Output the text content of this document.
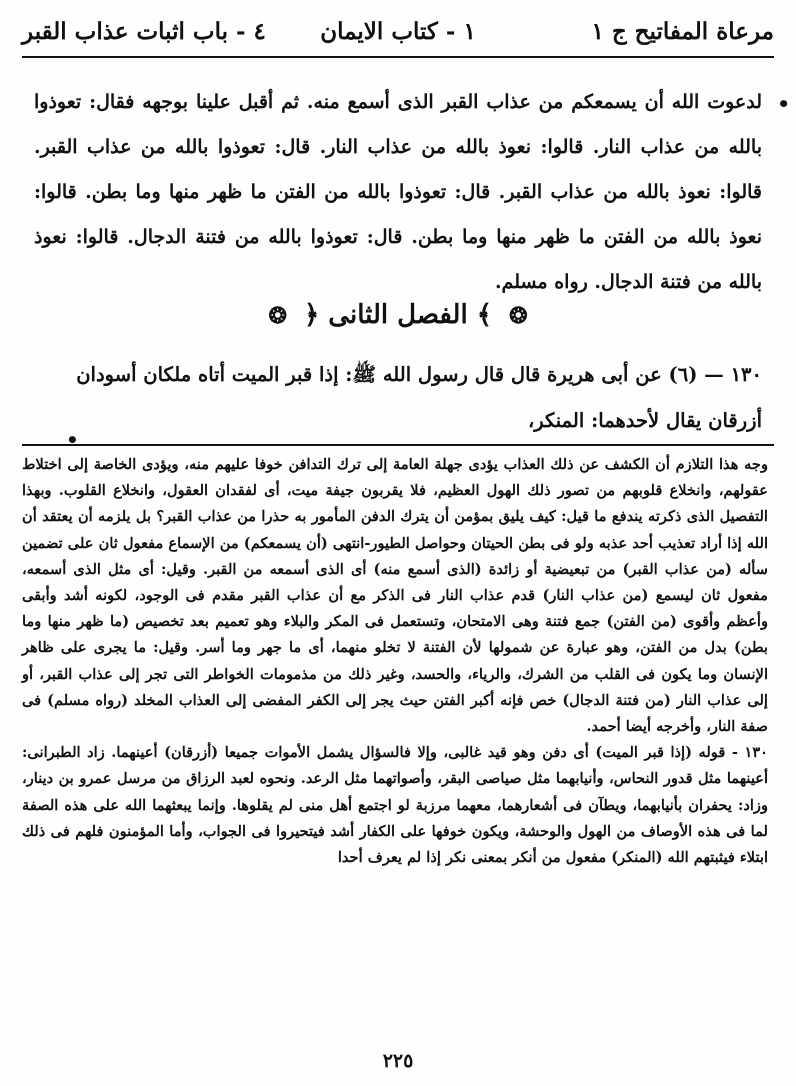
مرعاة المفاتيح ج ١
١ - كتاب الايمان
٤ - باب اثبات عذاب القبر
•
لدعوت الله أن يسمعكم من عذاب القبر الذى أسمع منه. ثم أقبل علينا بوجهه فقال: تعوذوا بالله من عذاب النار. قالوا: نعوذ بالله من عذاب النار. قال: تعوذوا بالله من عذاب القبر. قالوا: نعوذ بالله من عذاب القبر. قال: تعوذوا بالله من الفتن ما ظهر منها وما بطن. قالوا: نعوذ بالله من الفتن ما ظهر منها وما بطن. قال: تعوذوا بالله من فتنة الدجال. قالوا: نعوذ بالله من فتنة الدجال. رواه مسلم.
❂ ﴾ الفصل الثانى ﴿ ❂
١٣٠ — (٦) عن أبى هريرة قال قال رسول الله ﷺ: إذا قبر الميت أتاه ملكان أسودان أزرقان يقال لأحدهما: المنكر،
•

وجه هذا التلازم أن الكشف عن ذلك العذاب يؤدى جهلة العامة إلى ترك التدافن خوفا عليهم منه، ويؤدى الخاصة إلى اختلاط عقولهم، وانخلاع قلوبهم من تصور ذلك الهول العظيم، فلا يقربون جيفة ميت، أى لفقدان العقول، وانخلاع القلوب. وبهذا التفصيل الذى ذكرته يندفع ما قيل: كيف يليق بمؤمن أن يترك الدفن المأمور به حذرا من عذاب القبر؟ بل يلزمه أن يعتقد أن الله إذا أراد تعذيب أحد عذبه ولو فى بطن الحيتان وحواصل الطيور-انتهى (أن يسمعكم) من الإسماع مفعول ثان على تضمين سأله (من عذاب القبر) من تبعيضية أو زائدة (الذى أسمع منه) أى الذى أسمعه من القبر. وقيل: أى مثل الذى أسمعه، مفعول ثان ليسمع (من عذاب النار) قدم عذاب النار فى الذكر مع أن عذاب القبر مقدم فى الوجود، لكونه أشد وأبقى وأعظم وأقوى (من الفتن) جمع فتنة وهى الامتحان، وتستعمل فى المكر والبلاء وهو تعميم بعد تخصيص (ما ظهر منها وما بطن) بدل من الفتن، وهو عبارة عن شمولها لأن الفتنة لا تخلو منهما، أى ما جهر وما أسر. وقيل: ما يجرى على ظاهر الإنسان وما يكون فى القلب من الشرك، والرياء، والحسد، وغير ذلك من مذمومات الخواطر التى تجر إلى عذاب القبر، أو إلى عذاب النار (من فتنة الدجال) خص فإنه أكبر الفتن حيث يجر إلى الكفر المفضى إلى العذاب المخلد (رواه مسلم) فى صفة النار، وأخرجه أيضا أحمد.

١٣٠ - قوله (إذا قبر الميت) أى دفن وهو قيد غالبى، وإلا فالسؤال يشمل الأموات جميعا (أزرقان) أعينهما. زاد الطبرانى: أعينهما مثل قدور النحاس، وأنيابهما مثل صياصى البقر، وأصواتهما مثل الرعد. ونحوه لعبد الرزاق من مرسل عمرو بن دينار، وزاد: يحفران بأنيابهما، ويطآن فى أشعارهما، معهما مرزبة لو اجتمع أهل منى لم يقلوها. وإنما يبعثهما الله على هذه الصفة لما فى هذه الأوصاف من الهول والوحشة، ويكون خوفها على الكفار أشد فيتحيروا فى الجواب، وأما المؤمنون فلهم فى ذلك ابتلاء فيثبتهم الله (المنكر) مفعول من أنكر بمعنى نكر إذا لم يعرف أحدا

٢٢٥
